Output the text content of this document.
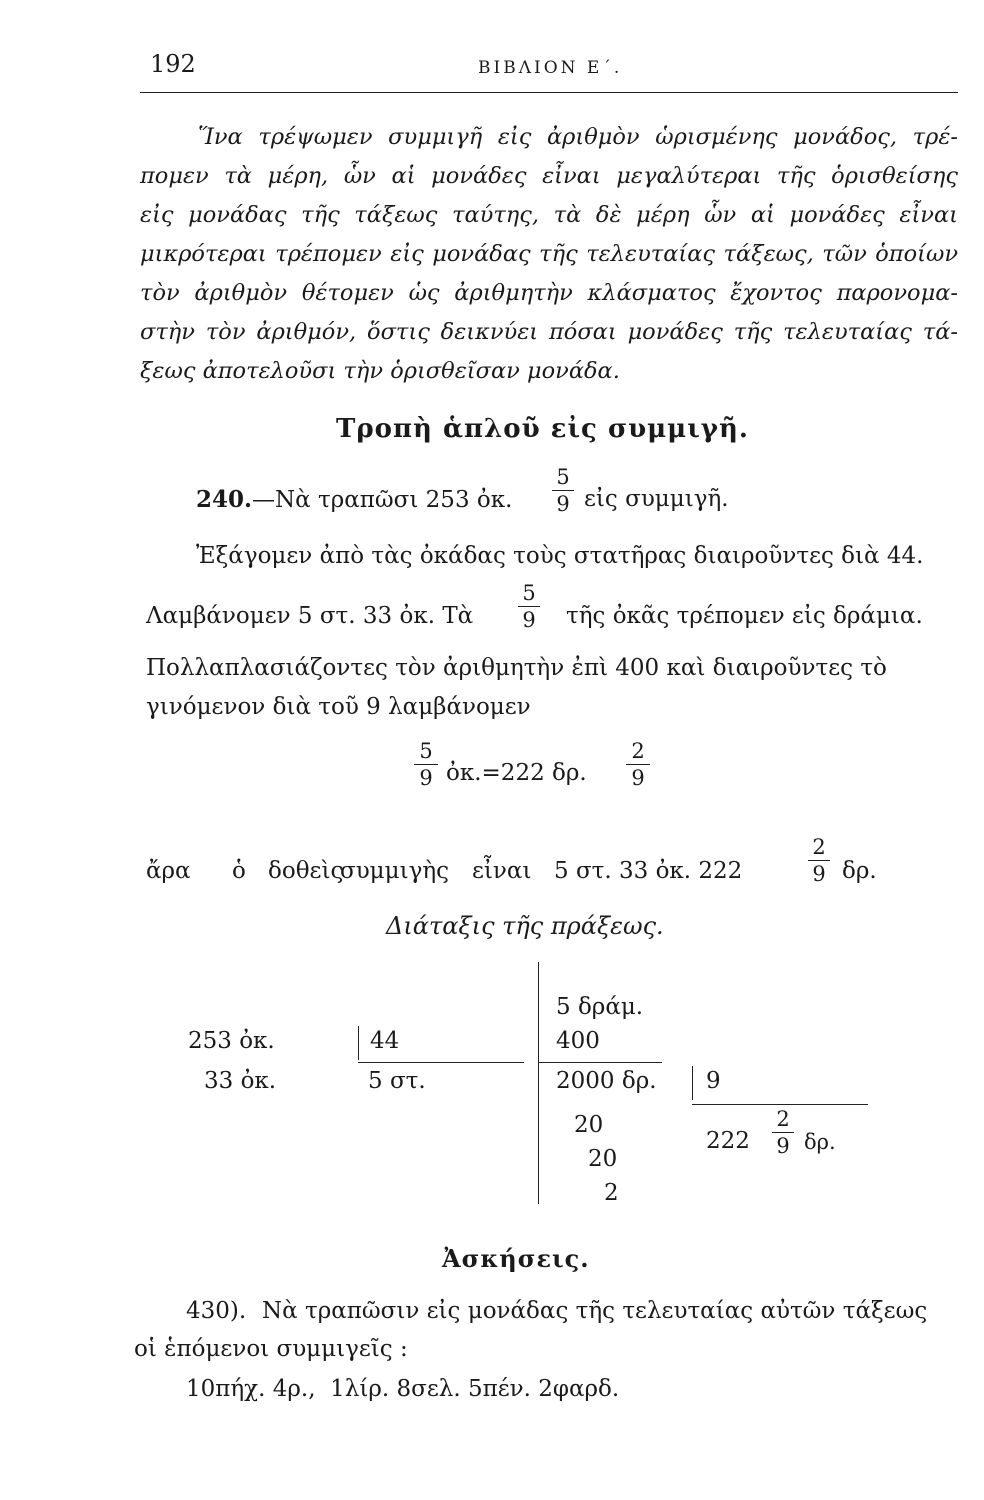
192	ΒΙΒΛΙΟΝ Ε΄.
Ἵνα τρέψωμεν συμμιγῆ εἰς ἀριθμὸν ὡρισμένης μονάδος, τρέ-
πομεν τὰ μέρη, ὧν αἱ μονάδες εἶναι μεγαλύτεραι τῆς ὁρισθείσης
εἰς μονάδας τῆς τάξεως ταύτης, τὰ δὲ μέρη ὧν αἱ μονάδες εἶναι
μικρότεραι τρέπομεν εἰς μονάδας τῆς τελευταίας τάξεως, τῶν ὁποίων
τὸν ἀριθμὸν θέτομεν ὡς ἀριθμητὴν κλάσματος ἔχοντος παρονομα-
στὴν τὸν ἀριθμόν, ὅστις δεικνύει πόσαι μονάδες τῆς τελευταίας τά-
ξεως ἀποτελοῦσι τὴν ὁρισθεῖσαν μονάδα.
Τροπὴ ἁπλοῦ εἰς συμμιγῆ.
240.—Νὰ τραπῶσι 253 ὀκ.
5
9 εἰς συμμιγῆ.
Ἐξάγομεν ἀπὸ τὰς ὀκάδας τοὺς στατῆρας διαιροῦντες διὰ 44.
Λαμβάνομεν 5 στ. 33 ὀκ. Τὰ
5
9 τῆς ὀκᾶς τρέπομεν εἰς δράμια.
Πολλαπλασιάζοντες τὸν ἀριθμητὴν ἐπὶ 400 καὶ διαιροῦντες τὸ
γινόμενον διὰ τοῦ 9 λαμβάνομεν
5
9 ὀκ.=222 δρ.
2
9
ἄρα ὁ δοθεὶς
συμμιγὴς εἶναι 5 στ. 33 ὀκ. 222
2
9 δρ.
Διάταξις τῆς πράξεως.
253 ὀκ.
33 ὀκ.
44
5 στ.
5 δράμ.
400
2000 δρ.
20
20
2
9
222
2
9 δρ.
Ἀσκήσεις.
430). Νὰ τραπῶσιν εἰς μονάδας τῆς τελευταίας αὐτῶν τάξεως
οἱ ἑπόμενοι συμμιγεῖς :
10πήχ. 4ρ.,  1λίρ. 8σελ. 5πέν. 2φαρδ.
